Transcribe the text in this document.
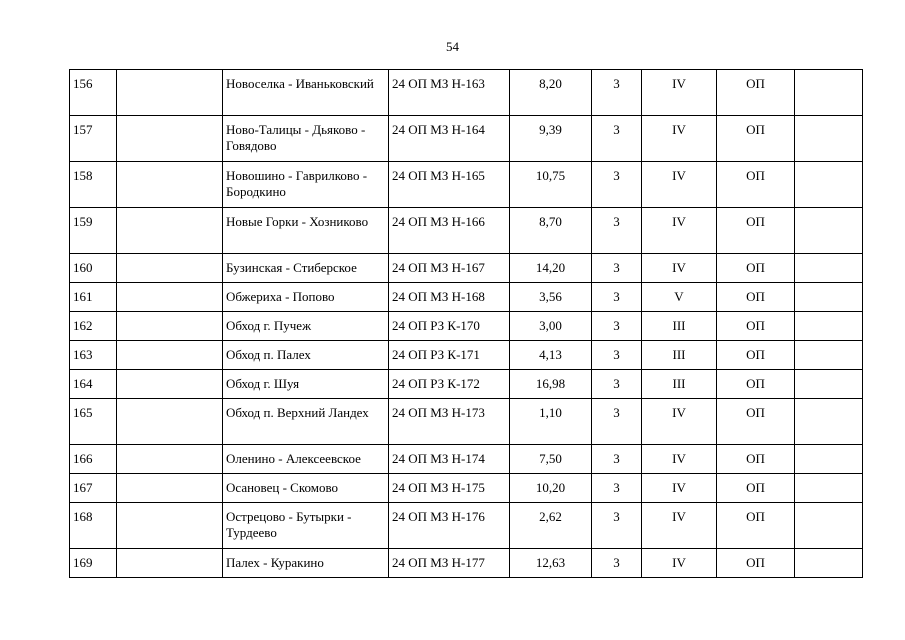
54
156		Новоселка - Иваньковский	24 ОП МЗ Н-163	8,20	3	IV	ОП	
157		Ново-Талицы - Дьяково - Говядово	24 ОП МЗ Н-164	9,39	3	IV	ОП	
158		Новошино - Гаврилково - Бородкино	24 ОП МЗ Н-165	10,75	3	IV	ОП	
159		Новые Горки - Хозниково	24 ОП МЗ Н-166	8,70	3	IV	ОП	
160		Бузинская - Стиберское	24 ОП МЗ Н-167	14,20	3	IV	ОП	
161		Обжериха - Попово	24 ОП МЗ Н-168	3,56	3	V	ОП	
162		Обход г. Пучеж	24 ОП РЗ К-170	3,00	3	III	ОП	
163		Обход п. Палех	24 ОП РЗ К-171	4,13	3	III	ОП	
164		Обход г. Шуя	24 ОП РЗ К-172	16,98	3	III	ОП	
165		Обход п. Верхний Ландех	24 ОП МЗ Н-173	1,10	3	IV	ОП	
166		Оленино - Алексеевское	24 ОП МЗ Н-174	7,50	3	IV	ОП	
167		Осановец - Скомово	24 ОП МЗ Н-175	10,20	3	IV	ОП	
168		Острецово - Бутырки - Турдеево	24 ОП МЗ Н-176	2,62	3	IV	ОП	
169		Палех - Куракино	24 ОП МЗ Н-177	12,63	3	IV	ОП	
